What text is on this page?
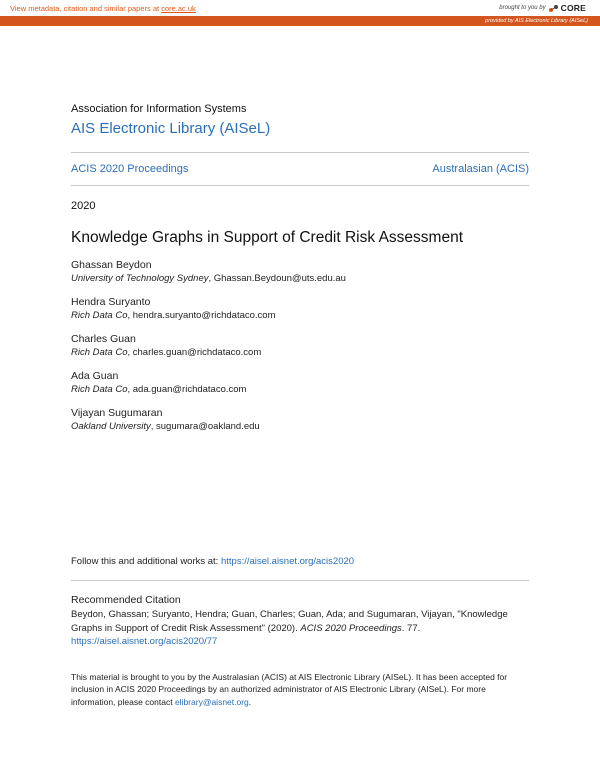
View metadata, citation and similar papers at core.ac.uk	brought to you by CORE
provided by AIS Electronic Library (AISeL)
Association for Information Systems
AIS Electronic Library (AISeL)
ACIS 2020 Proceedings	Australasian (ACIS)
2020
Knowledge Graphs in Support of Credit Risk Assessment
Ghassan Beydon
University of Technology Sydney, Ghassan.Beydoun@uts.edu.au
Hendra Suryanto
Rich Data Co, hendra.suryanto@richdataco.com
Charles Guan
Rich Data Co, charles.guan@richdataco.com
Ada Guan
Rich Data Co, ada.guan@richdataco.com
Vijayan Sugumaran
Oakland University, sugumara@oakland.edu
Follow this and additional works at: https://aisel.aisnet.org/acis2020
Recommended Citation
Beydon, Ghassan; Suryanto, Hendra; Guan, Charles; Guan, Ada; and Sugumaran, Vijayan, "Knowledge Graphs in Support of Credit Risk Assessment" (2020). ACIS 2020 Proceedings. 77.
https://aisel.aisnet.org/acis2020/77
This material is brought to you by the Australasian (ACIS) at AIS Electronic Library (AISeL). It has been accepted for inclusion in ACIS 2020 Proceedings by an authorized administrator of AIS Electronic Library (AISeL). For more information, please contact elibrary@aisnet.org.
